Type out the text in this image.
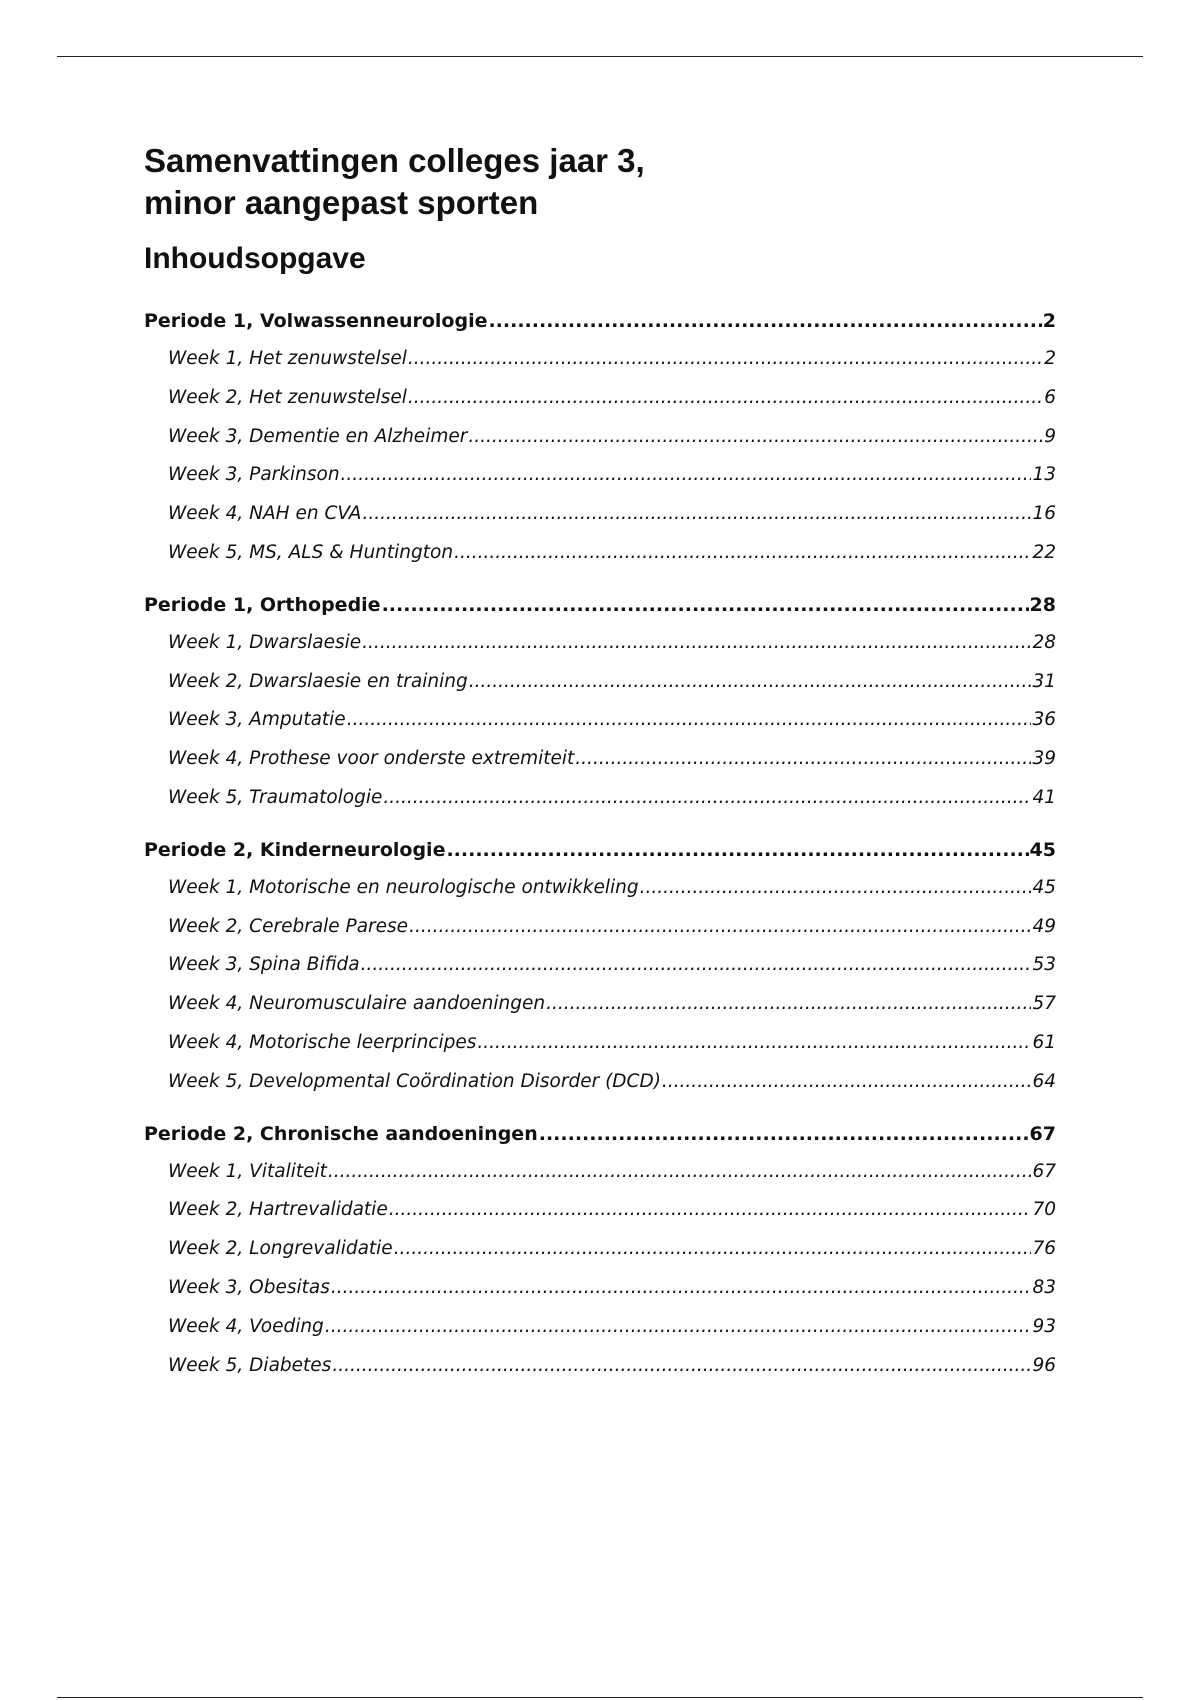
Samenvattingen colleges jaar 3,
minor aangepast sporten
Inhoudsopgave
Periode 1, Volwassenneurologie .....	2
Week 1, Het zenuwstelsel .....	2
Week 2, Het zenuwstelsel .....	6
Week 3, Dementie en Alzheimer .....	9
Week 3, Parkinson .....	13
Week 4, NAH en CVA .....	16
Week 5, MS, ALS & Huntington .....	22
Periode 1, Orthopedie .....	28
Week 1, Dwarslaesie .....	28
Week 2, Dwarslaesie en training .....	31
Week 3, Amputatie .....	36
Week 4, Prothese voor onderste extremiteit .....	39
Week 5, Traumatologie .....	41
Periode 2, Kinderneurologie .....	45
Week 1, Motorische en neurologische ontwikkeling .....	45
Week 2, Cerebrale Parese .....	49
Week 3, Spina Bifida .....	53
Week 4, Neuromusculaire aandoeningen .....	57
Week 4, Motorische leerprincipes .....	61
Week 5, Developmental Coördination Disorder (DCD) .....	64
Periode 2, Chronische aandoeningen .....	67
Week 1, Vitaliteit .....	67
Week 2, Hartrevalidatie .....	70
Week 2, Longrevalidatie .....	76
Week 3, Obesitas .....	83
Week 4, Voeding .....	93
Week 5, Diabetes .....	96
